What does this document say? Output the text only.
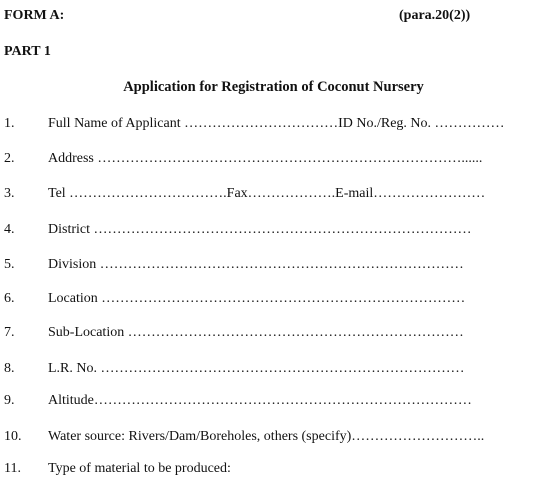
FORM A:	(para.20(2))
PART 1
Application for Registration of Coconut Nursery
1. Full Name of Applicant ……………………………ID No./Reg. No. ……………
2. Address ……………………………………………………………………......
3. Tel …………………………….Fax……………….E-mail……………………
4. District ………………………………………………………………………
5. Division ……………………………………………………………………
6. Location ……………………………………………………………………
7. Sub-Location ………………………………………………………………
8. L.R. No. ……………………………………………………………………
9. Altitude………………………………………………………………………
10. Water source: Rivers/Dam/Boreholes, others (specify)………………………..
11. Type of material to be produced:
